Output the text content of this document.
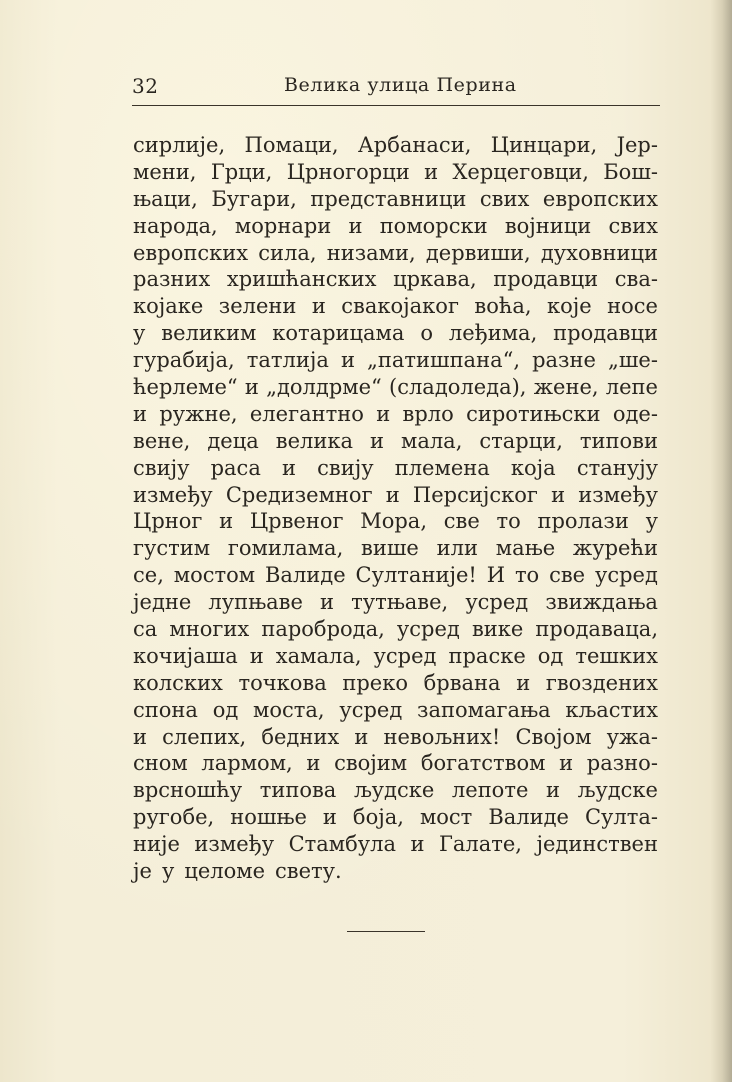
32	Велика улица Перина
сирлије, Помаци, Арбанаси, Цинцари, Јер-
мени, Грци, Црногорци и Херцеговци, Бош-
њаци, Бугари, представници свих европских
народа, морнари и поморски војници свих
европских сила, низами, дервиши, духовници
разних хришћанских цркава, продавци сва-
којаке зелени и свакојаког воћа, које носе
у великим котарицама о леђима, продавци
гурабија, татлија и „патишпана“, разне „ше-
ћерлеме“ и „долдрме“ (сладоледа), жене, лепе
и ружне, елегантно и врло сиротињски оде-
вене, деца велика и мала, старци, типови
свију раса и свију племена која станују
између Средиземног и Персијског и између
Црног и Црвеног Мора, све то пролази у
густим гомилама, више или мање журећи
се, мостом Валиде Султаније! И то све усред
једне лупњаве и тутњаве, усред звиждања
са многих пароброда, усред вике продаваца,
кочијаша и хамала, усред праске од тешких
колских точкова преко брвана и гвоздених
спона од моста, усред запомагања кљастих
и слепих, бедних и невољних! Својом ужа-
сном лармом, и својим богатством и разно-
врсношћу типова људске лепоте и људске
ругобе, ношње и боја, мост Валиде Султа-
није између Стамбула и Галате, јединствен
је у целоме свету.
